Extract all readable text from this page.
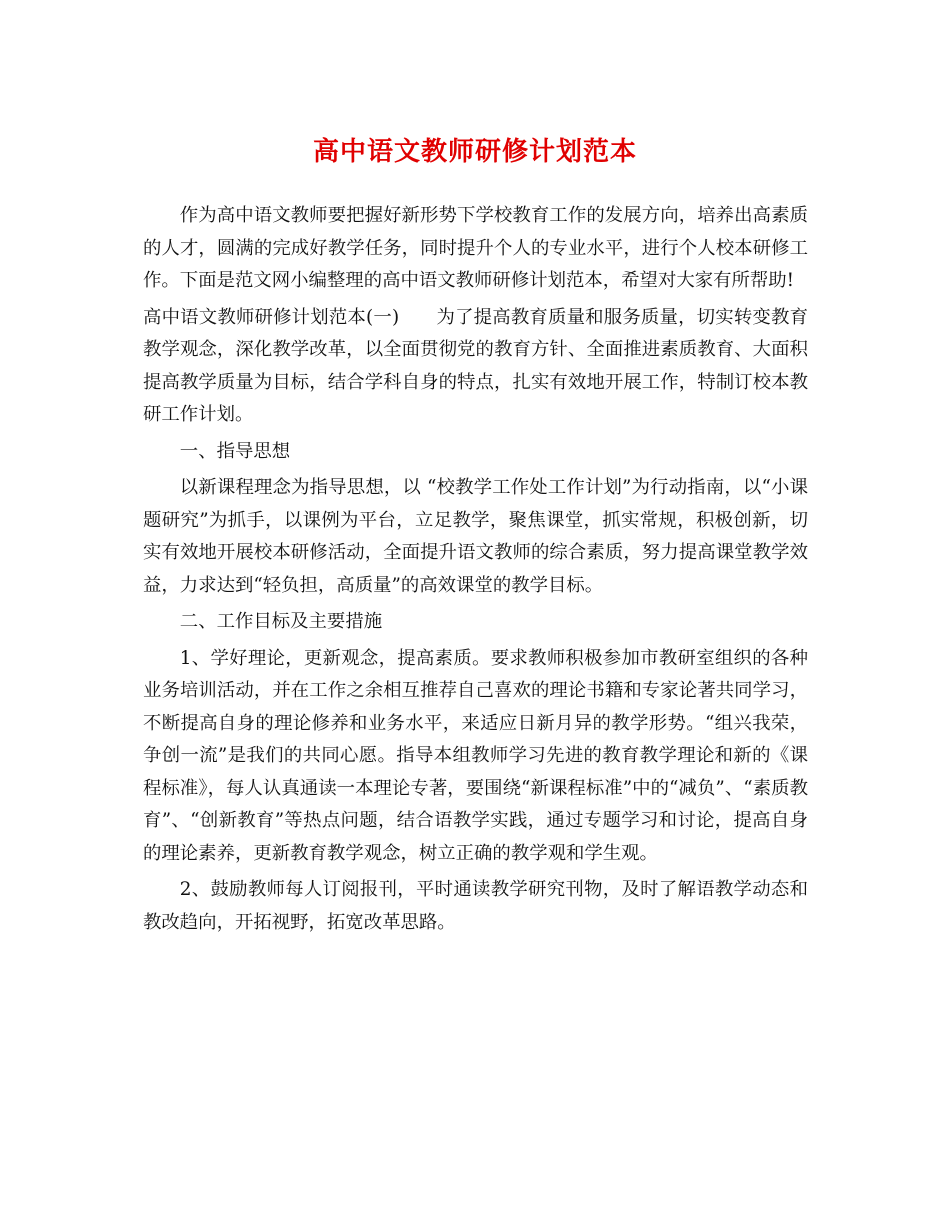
高中语文教师研修计划范本

作为高中语文教师要把握好新形势下学校教育工作的发展方向，培养出高素质的人才，圆满的完成好教学任务，同时提升个人的专业水平，进行个人校本研修工作。下面是范文网小编整理的高中语文教师研修计划范本，希望对大家有所帮助!

高中语文教师研修计划范本(一)　　为了提高教育质量和服务质量，切实转变教育教学观念，深化教学改革，以全面贯彻党的教育方针、全面推进素质教育、大面积提高教学质量为目标，结合学科自身的特点，扎实有效地开展工作，特制订校本教研工作计划。

一、指导思想

以新课程理念为指导思想，以 “校教学工作处工作计划”为行动指南，以“小课题研究”为抓手，以课例为平台，立足教学，聚焦课堂，抓实常规，积极创新，切实有效地开展校本研修活动，全面提升语文教师的综合素质，努力提高课堂教学效益，力求达到“轻负担，高质量”的高效课堂的教学目标。

二、工作目标及主要措施

1、学好理论，更新观念，提高素质。要求教师积极参加市教研室组织的各种业务培训活动，并在工作之余相互推荐自己喜欢的理论书籍和专家论著共同学习，不断提高自身的理论修养和业务水平，来适应日新月异的教学形势。“组兴我荣，争创一流”是我们的共同心愿。指导本组教师学习先进的教育教学理论和新的《课程标准》，每人认真通读一本理论专著，要围绕“新课程标准”中的“减负”、“素质教育”、“创新教育”等热点问题，结合语教学实践，通过专题学习和讨论，提高自身的理论素养，更新教育教学观念，树立正确的教学观和学生观。

2、鼓励教师每人订阅报刊，平时通读教学研究刊物，及时了解语教学动态和教改趋向，开拓视野，拓宽改革思路。
